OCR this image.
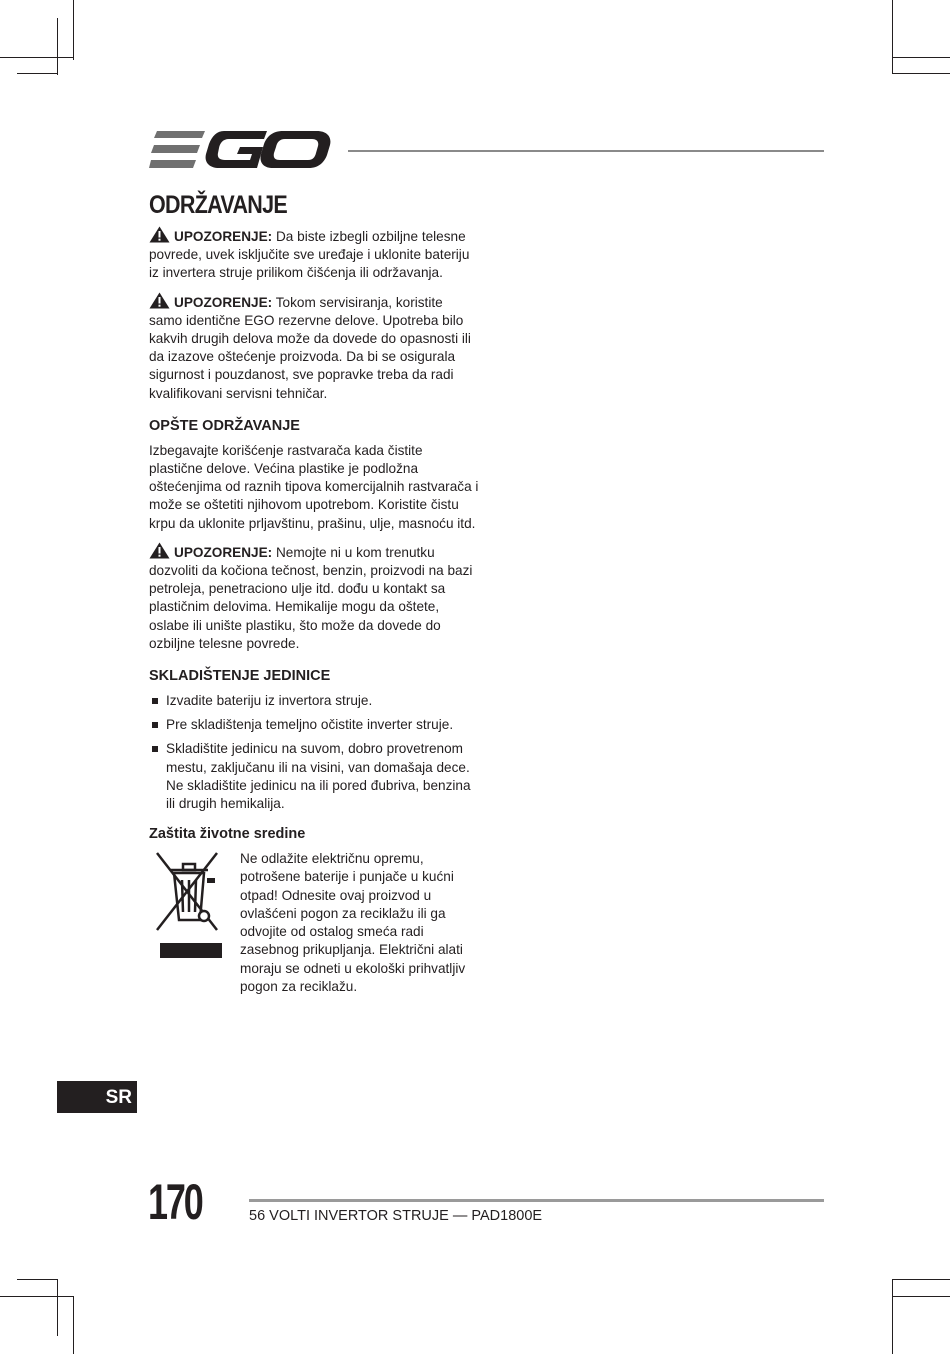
ODRŽAVANJE
UPOZORENJE: Da biste izbegli ozbiljne telesne povrede, uvek isključite sve uređaje i uklonite bateriju iz invertera struje prilikom čišćenja ili održavanja.
UPOZORENJE: Tokom servisiranja, koristite samo identične EGO rezervne delove. Upotreba bilo kakvih drugih delova može da dovede do opasnosti ili da izazove oštećenje proizvoda. Da bi se osigurala sigurnost i pouzdanost, sve popravke treba da radi kvalifikovani servisni tehničar.
OPŠTE ODRŽAVANJE
Izbegavajte korišćenje rastvarača kada čistite plastične delove. Većina plastike je podložna oštećenjima od raznih tipova komercijalnih rastvarača i može se oštetiti njihovom upotrebom. Koristite čistu krpu da uklonite prljavštinu, prašinu, ulje, masnoću itd.
UPOZORENJE: Nemojte ni u kom trenutku dozvoliti da kočiona tečnost, benzin, proizvodi na bazi petroleja, penetraciono ulje itd. dođu u kontakt sa plastičnim delovima. Hemikalije mogu da oštete, oslabe ili unište plastiku, što može da dovede do ozbiljne telesne povrede.
SKLADIŠTENJE JEDINICE
Izvadite bateriju iz invertora struje.
Pre skladištenja temeljno očistite inverter struje.
Skladištite jedinicu na suvom, dobro provetrenom mestu, zaključanu ili na visini, van domašaja dece. Ne skladištite jedinicu na ili pored đubriva, benzina ili drugih hemikalija.
Zaštita životne sredine
Ne odlažite električnu opremu, potrošene baterije i punjače u kućni otpad! Odnesite ovaj proizvod u ovlašćeni pogon za reciklažu ili ga odvojite od ostalog smeća radi zasebnog prikupljanja. Električni alati moraju se odneti u ekološki prihvatljiv pogon za reciklažu.
SR
170	56 VOLTI INVERTOR STRUJE — PAD1800E
